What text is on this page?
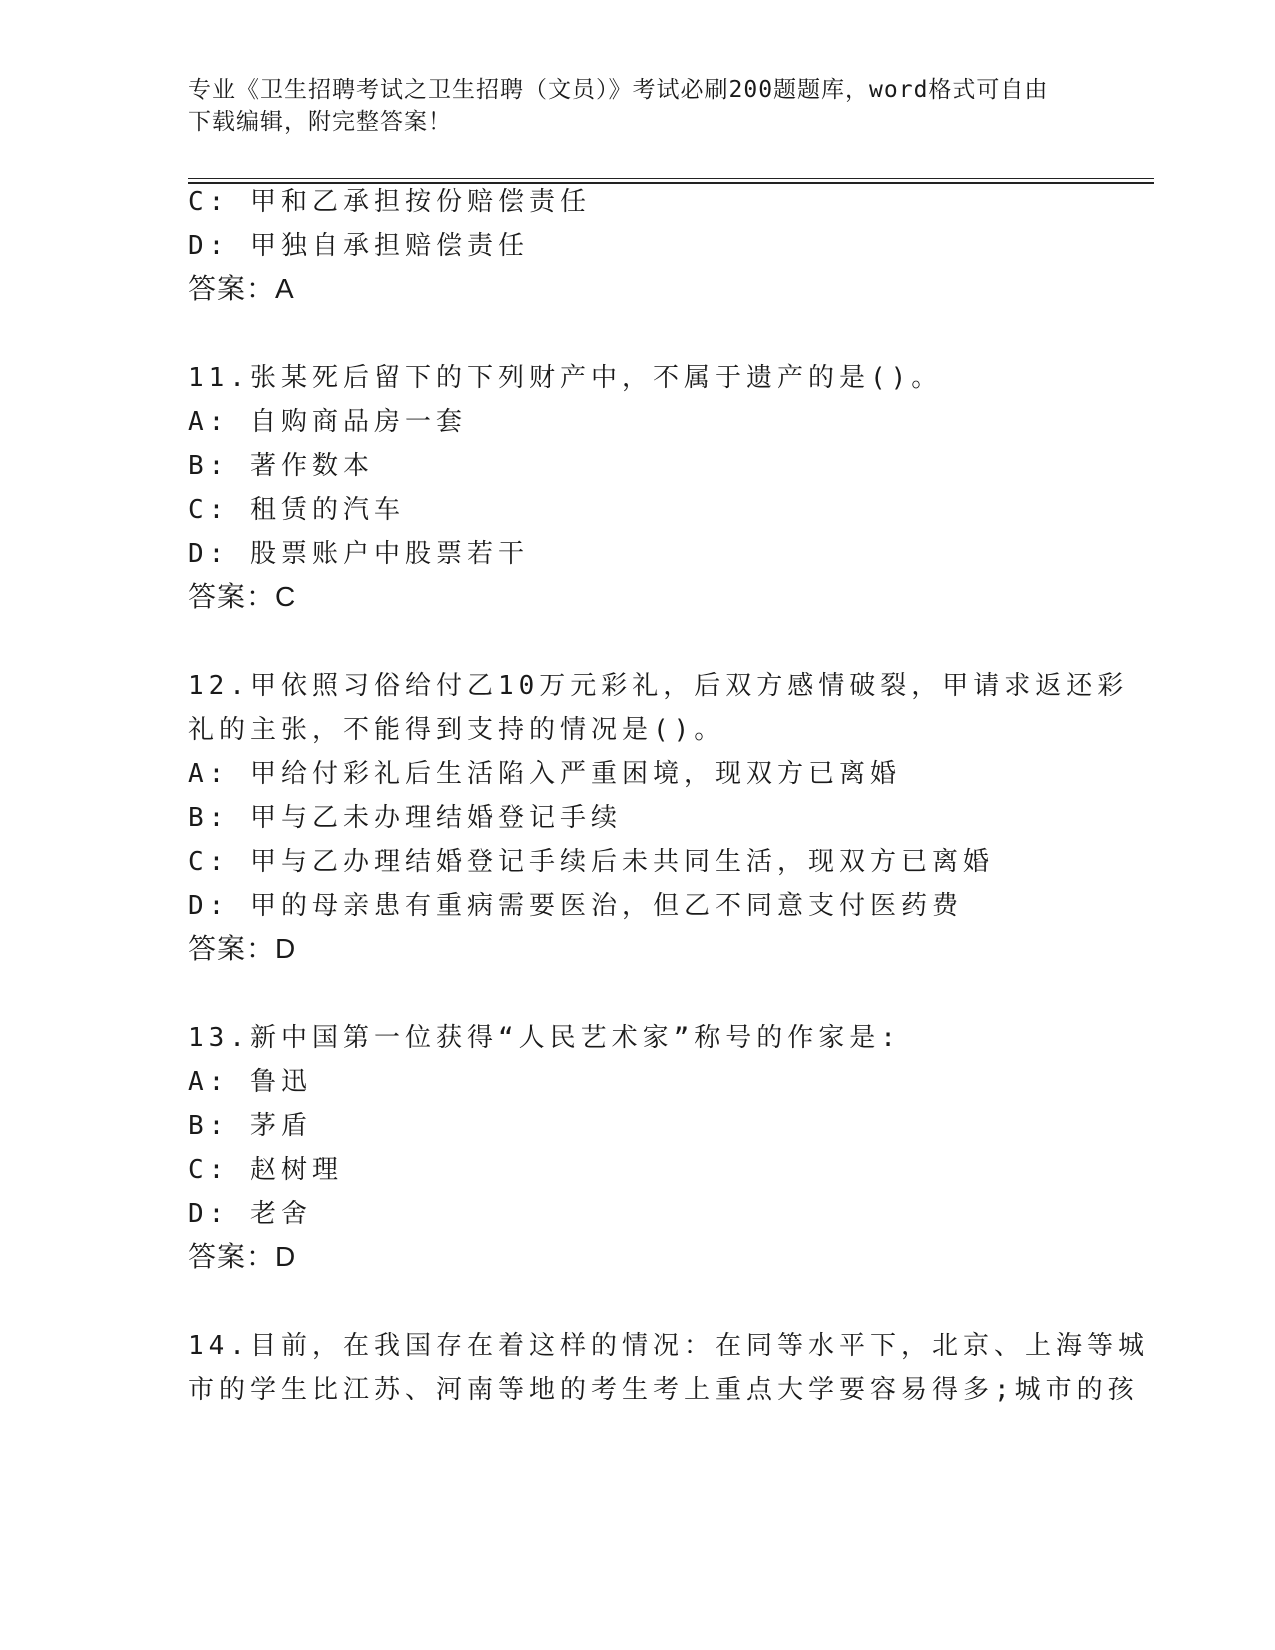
专业《卫生招聘考试之卫生招聘（文员）》考试必刷200题题库，word格式可自由下载编辑，附完整答案！
C: 甲和乙承担按份赔偿责任
D: 甲独自承担赔偿责任
答案：A
11.张某死后留下的下列财产中，不属于遗产的是()。
A: 自购商品房一套
B: 著作数本
C: 租赁的汽车
D: 股票账户中股票若干
答案：C
12.甲依照习俗给付乙10万元彩礼，后双方感情破裂，甲请求返还彩
礼的主张，不能得到支持的情况是()。
A: 甲给付彩礼后生活陷入严重困境，现双方已离婚
B: 甲与乙未办理结婚登记手续
C: 甲与乙办理结婚登记手续后未共同生活，现双方已离婚
D: 甲的母亲患有重病需要医治，但乙不同意支付医药费
答案：D
13.新中国第一位获得“人民艺术家”称号的作家是:
A: 鲁迅
B: 茅盾
C: 赵树理
D: 老舍
答案：D
14.目前，在我国存在着这样的情况：在同等水平下，北京、上海等城
市的学生比江苏、河南等地的考生考上重点大学要容易得多;城市的孩
